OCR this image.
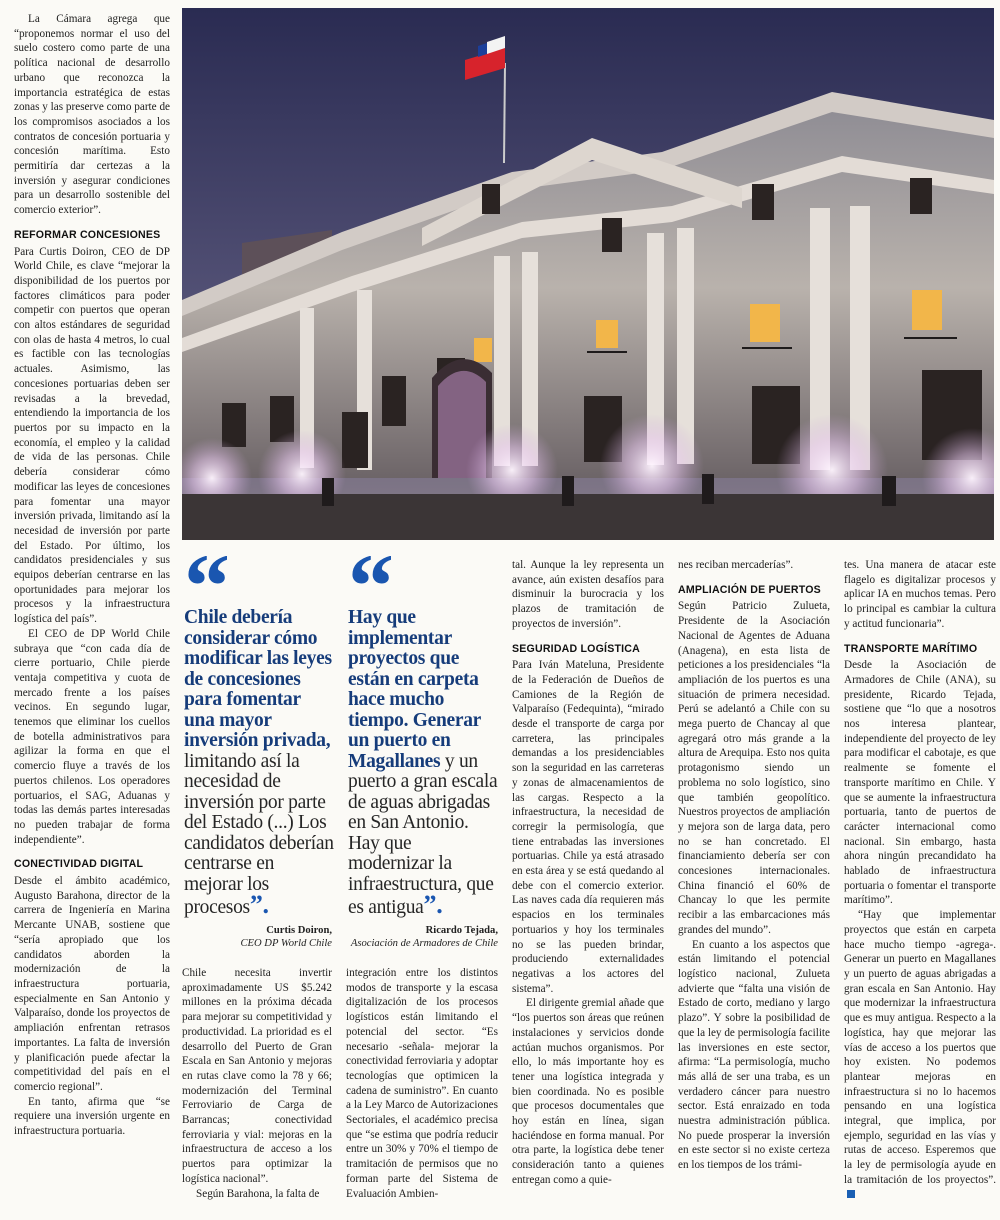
La Cámara agrega que “proponemos normar el uso del suelo costero como parte de una política nacional de desarrollo urbano que reconozca la importancia estratégica de estas zonas y las preserve como parte de los compromisos asociados a los contratos de concesión portuaria y concesión marítima. Esto permitiría dar certezas a la inversión y asegurar condiciones para un desarrollo sostenible del comercio exterior”.

REFORMAR CONCESIONES

Para Curtis Doiron, CEO de DP World Chile, es clave “mejorar la disponibilidad de los puertos por factores climáticos para poder competir con puertos que operan con altos estándares de seguridad con olas de hasta 4 metros, lo cual es factible con las tecnologías actuales. Asimismo, las concesiones portuarias deben ser revisadas a la brevedad, entendiendo la importancia de los puertos por su impacto en la economía, el empleo y la calidad de vida de las personas. Chile debería considerar cómo modificar las leyes de concesiones para fomentar una mayor inversión privada, limitando así la necesidad de inversión por parte del Estado. Por último, los candidatos presidenciales y sus equipos deberían centrarse en las oportunidades para mejorar los procesos y la infraestructura logística del país”.

El CEO de DP World Chile subraya que “con cada día de cierre portuario, Chile pierde ventaja competitiva y cuota de mercado frente a los países vecinos. En segundo lugar, tenemos que eliminar los cuellos de botella administrativos para agilizar la forma en que el comercio fluye a través de los puertos chilenos. Los operadores portuarios, el SAG, Aduanas y todas las demás partes interesadas no pueden trabajar de forma independiente”.

CONECTIVIDAD DIGITAL

Desde el ámbito académico, Augusto Barahona, director de la carrera de Ingeniería en Marina Mercante UNAB, sostiene que “sería apropiado que los candidatos aborden la modernización de la infraestructura portuaria, especialmente en San Antonio y Valparaíso, donde los proyectos de ampliación enfrentan retrasos importantes. La falta de inversión y planificación puede afectar la competitividad del país en el comercio regional”.

En tanto, afirma que “se requiere una inversión urgente en infraestructura portuaria.

Chile debería considerar cómo modificar las leyes de concesiones para fomentar una mayor inversión privada, limitando así la necesidad de inversión por parte del Estado (...) Los candidatos deberían centrarse en mejorar los procesos”.
Curtis Doiron,
CEO DP World Chile
Hay que implementar proyectos que están en carpeta hace mucho tiempo. Generar un puerto en Magallanes y un puerto a gran escala de aguas abrigadas en San Antonio. Hay que modernizar la infraestructura, que es antigua”.
Ricardo Tejada,
Asociación de Armadores de Chile

Chile necesita invertir aproximadamente US $5.242 millones en la próxima década para mejorar su competitividad y productividad. La prioridad es el desarrollo del Puerto de Gran Escala en San Antonio y mejoras en rutas clave como la 78 y 66; modernización del Terminal Ferroviario de Carga de Barrancas; conectividad ferroviaria y vial: mejoras en la infraestructura de acceso a los puertos para optimizar la logística nacional”.

Según Barahona, la falta de

integración entre los distintos modos de transporte y la escasa digitalización de los procesos logísticos están limitando el potencial del sector. “Es necesario -señala- mejorar la conectividad ferroviaria y adoptar tecnologías que optimicen la cadena de suministro”. En cuanto a la Ley Marco de Autorizaciones Sectoriales, el académico precisa que “se estima que podría reducir entre un 30% y 70% el tiempo de tramitación de permisos que no forman parte del Sistema de Evaluación Ambien-

tal. Aunque la ley representa un avance, aún existen desafíos para disminuir la burocracia y los plazos de tramitación de proyectos de inversión”.

SEGURIDAD LOGÍSTICA

Para Iván Mateluna, Presidente de la Federación de Dueños de Camiones de la Región de Valparaíso (Fedequinta), “mirado desde el transporte de carga por carretera, las principales demandas a los presidenciables son la seguridad en las carreteras y zonas de almacenamientos de las cargas. Respecto a la infraestructura, la necesidad de corregir la permisología, que tiene entrabadas las inversiones portuarias. Chile ya está atrasado en esta área y se está quedando al debe con el comercio exterior. Las naves cada día requieren más espacios en los terminales portuarios y hoy los terminales no se las pueden brindar, produciendo externalidades negativas a los actores del sistema”.

El dirigente gremial añade que “los puertos son áreas que reúnen instalaciones y servicios donde actúan muchos organismos. Por ello, lo más importante hoy es tener una logística integrada y bien coordinada. No es posible que procesos documentales que hoy están en línea, sigan haciéndose en forma manual. Por otra parte, la logística debe tener consideración tanto a quienes entregan como a quie-

nes reciban mercaderías”.

AMPLIACIÓN DE PUERTOS

Según Patricio Zulueta, Presidente de la Asociación Nacional de Agentes de Aduana (Anagena), en esta lista de peticiones a los presidenciales “la ampliación de los puertos es una situación de primera necesidad. Perú se adelantó a Chile con su mega puerto de Chancay al que agregará otro más grande a la altura de Arequipa. Esto nos quita protagonismo siendo un problema no solo logístico, sino que también geopolítico. Nuestros proyectos de ampliación y mejora son de larga data, pero no se han concretado. El financiamiento debería ser con concesiones internacionales. China financió el 60% de Chancay lo que les permite recibir a las embarcaciones más grandes del mundo”.

En cuanto a los aspectos que están limitando el potencial logístico nacional, Zulueta advierte que “falta una visión de Estado de corto, mediano y largo plazo”. Y sobre la posibilidad de que la ley de permisología facilite las inversiones en este sector, afirma: “La permisología, mucho más allá de ser una traba, es un verdadero cáncer para nuestro sector. Está enraizado en toda nuestra administración pública. No puede prosperar la inversión en este sector si no existe certeza en los tiempos de los trámi-

tes. Una manera de atacar este flagelo es digitalizar procesos y aplicar IA en muchos temas. Pero lo principal es cambiar la cultura y actitud funcionaria”.

TRANSPORTE MARÍTIMO

Desde la Asociación de Armadores de Chile (ANA), su presidente, Ricardo Tejada, sostiene que “lo que a nosotros nos interesa plantear, independiente del proyecto de ley para modificar el cabotaje, es que realmente se fomente el transporte marítimo en Chile. Y que se aumente la infraestructura portuaria, tanto de puertos de carácter internacional como nacional. Sin embargo, hasta ahora ningún precandidato ha hablado de infraestructura portuaria o fomentar el transporte marítimo”.

“Hay que implementar proyectos que están en carpeta hace mucho tiempo -agrega-. Generar un puerto en Magallanes y un puerto de aguas abrigadas a gran escala en San Antonio. Hay que modernizar la infraestructura que es muy antigua. Respecto a la logística, hay que mejorar las vías de acceso a los puertos que hoy existen. No podemos plantear mejoras en infraestructura si no lo hacemos pensando en una logística integral, que implica, por ejemplo, seguridad en las vías y rutas de acceso. Esperemos que la ley de permisología ayude en la tramitación de los proyectos”.
